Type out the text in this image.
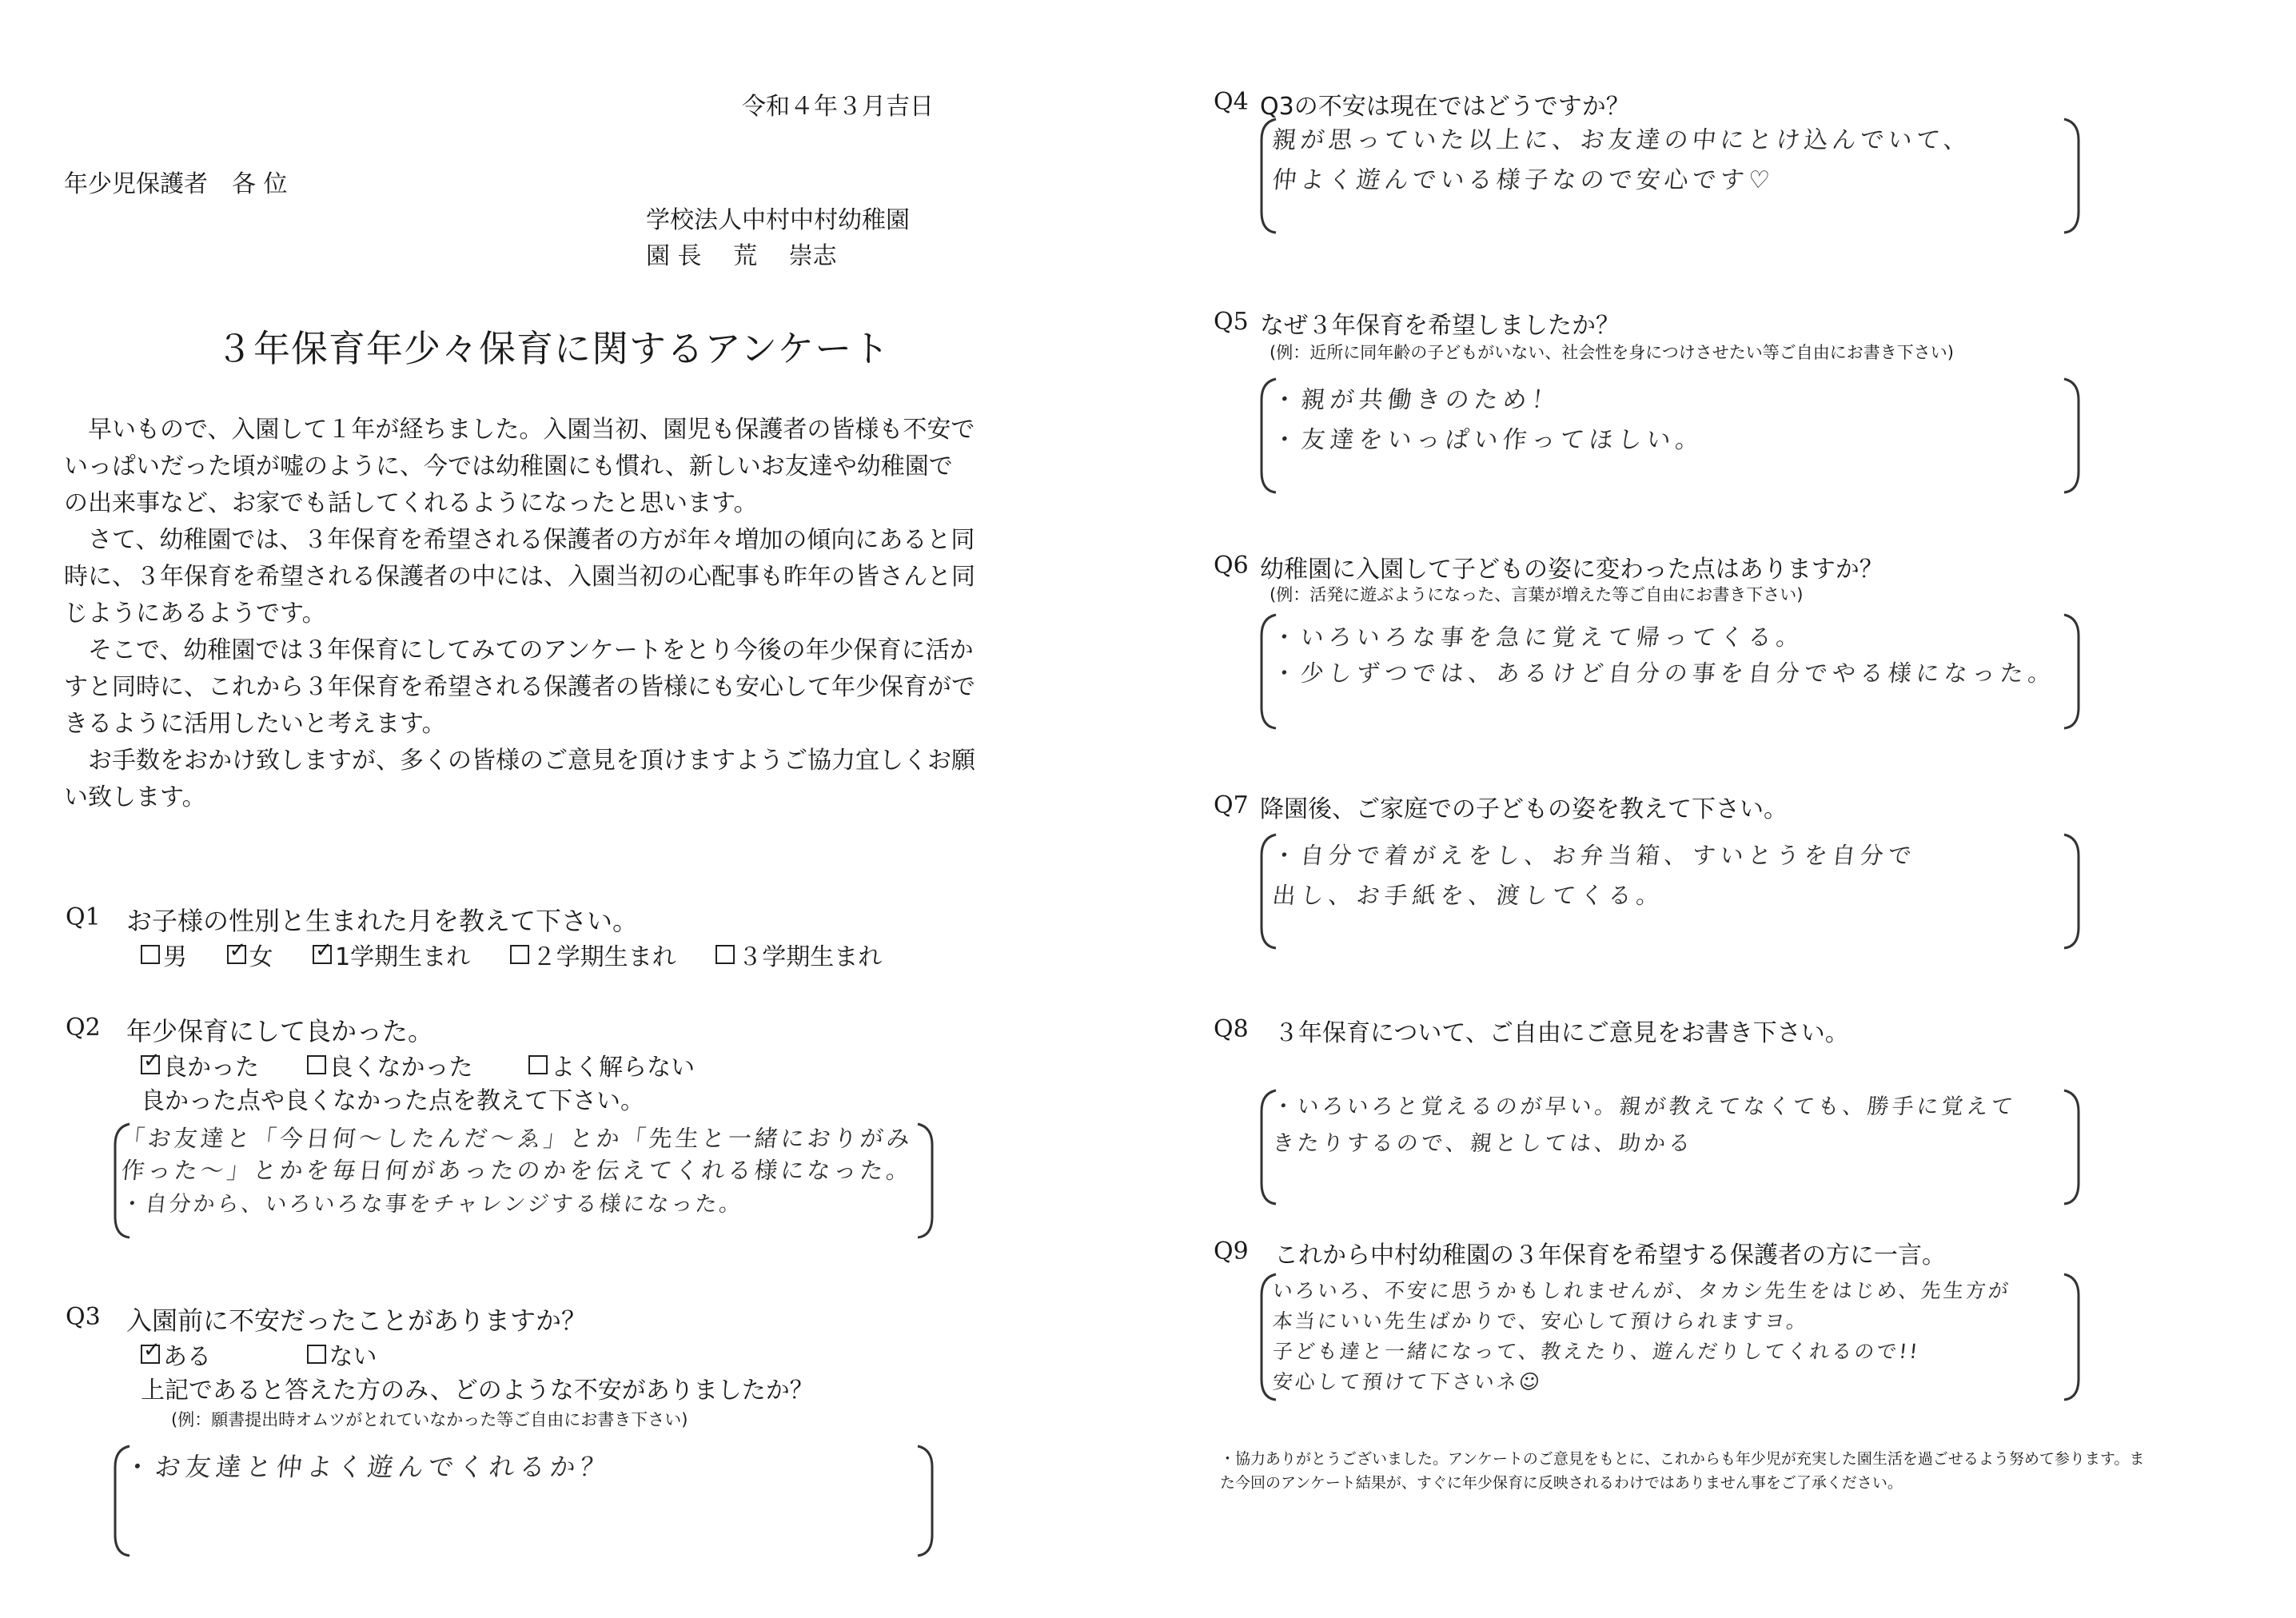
令和４年３月吉日
年少児保護者　各 位
学校法人中村中村幼稚園
園 長　 荒 　崇志
３年保育年少々保育に関するアンケート

早いもので、入園して１年が経ちました。入園当初、園児も保護者の皆様も不安でいっぱいだった頃が嘘のように、今では幼稚園にも慣れ、新しいお友達や幼稚園での出来事など、お家でも話してくれるようになったと思います。

さて、幼稚園では、３年保育を希望される保護者の方が年々増加の傾向にあると同時に、３年保育を希望される保護者の中には、入園当初の心配事も昨年の皆さんと同じようにあるようです。

そこで、幼稚園では３年保育にしてみてのアンケートをとり今後の年少保育に活かすと同時に、これから３年保育を希望される保護者の皆様にも安心して年少保育ができるように活用したいと考えます。

お手数をおかけ致しますが、多くの皆様のご意見を頂けますようご協力宜しくお願い致します。

Q1 お子様の性別と生まれた月を教えて下さい。
男
✓ 女
✓ 1学期生まれ
	２学期生まれ
	３学期生まれ
Q2 年少保育にして良かった。
✓ 良かった
	良くなかった
	よく解らない
良かった点や良くなかった点を教えて下さい。
「お友達と「今日何～したんだ～ゑ」とか「先生と一緒におりがみ
作った～」とかを毎日何があったのかを伝えてくれる様になった。
・自分から、いろいろな事をチャレンジする様になった。
Q3 入園前に不安だったことがありますか？
✓ ある
	ない
上記であると答えた方のみ、どのような不安がありましたか？
(例：願書提出時オムツがとれていなかった等ご自由にお書き下さい)
・お友達と仲よく遊んでくれるか？
Q4 Q3の不安は現在ではどうですか？
親が思っていた以上に、お友達の中にとけ込んでいて、
仲よく遊んでいる様子なので安心です♡
Q5 なぜ３年保育を希望しましたか？
(例：近所に同年齢の子どもがいない、社会性を身につけさせたい等ご自由にお書き下さい)
・親が共働きのため！
・友達をいっぱい作ってほしい。
Q6 幼稚園に入園して子どもの姿に変わった点はありますか？
(例：活発に遊ぶようになった、言葉が増えた等ご自由にお書き下さい)
・いろいろな事を急に覚えて帰ってくる。
・少しずつでは、あるけど自分の事を自分でやる様になった。
Q7 降園後、ご家庭での子どもの姿を教えて下さい。
・自分で着がえをし、お弁当箱、すいとうを自分で
出し、お手紙を、渡してくる。
Q8 ３年保育について、ご自由にご意見をお書き下さい。
・いろいろと覚えるのが早い。親が教えてなくても、勝手に覚えて
きたりするので、親としては、助かる
Q9 これから中村幼稚園の３年保育を希望する保護者の方に一言。
いろいろ、不安に思うかもしれませんが、タカシ先生をはじめ、先生方が
本当にいい先生ばかりで、安心して預けられますヨ。
子ども達と一緒になって、教えたり、遊んだりしてくれるので!!
安心して預けて下さいネ☺
・協力ありがとうございました。アンケートのご意見をもとに、これからも年少児が充実した園生活を過ごせるよう努めて参ります。また今回のアンケート結果が、すぐに年少保育に反映されるわけではありません事をご了承ください。
